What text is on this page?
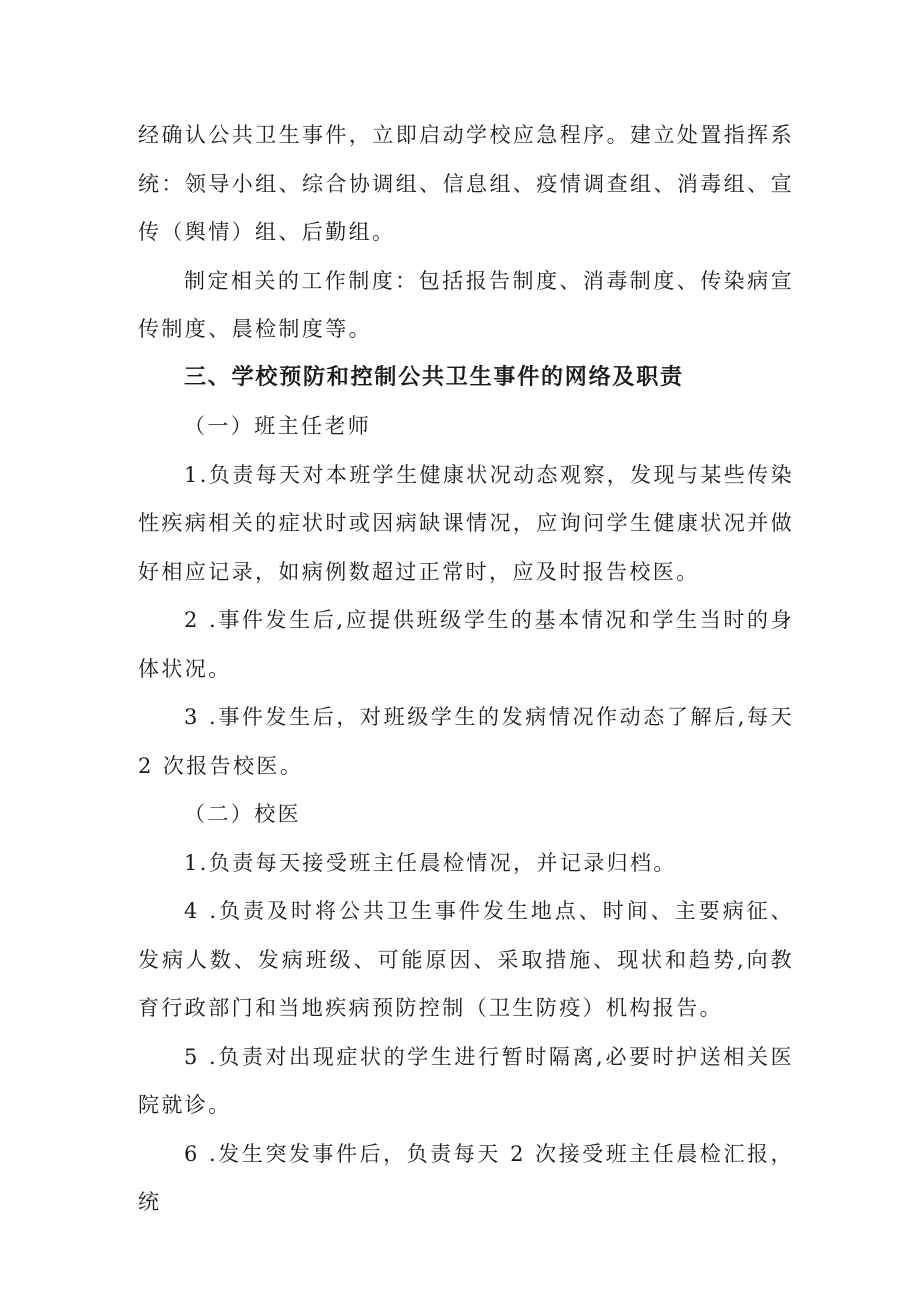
经确认公共卫生事件，立即启动学校应急程序。建立处置指挥系统：领导小组、综合协调组、信息组、疫情调查组、消毒组、宣传（舆情）组、后勤组。

制定相关的工作制度：包括报告制度、消毒制度、传染病宣传制度、晨检制度等。

三、学校预防和控制公共卫生事件的网络及职责

（一）班主任老师

1.负责每天对本班学生健康状况动态观察，发现与某些传染性疾病相关的症状时或因病缺课情况，应询问学生健康状况并做好相应记录，如病例数超过正常时，应及时报告校医。

2 .事件发生后,应提供班级学生的基本情况和学生当时的身体状况。

3 .事件发生后，对班级学生的发病情况作动态了解后,每天2 次报告校医。

（二）校医

1.负责每天接受班主任晨检情况，并记录归档。

4 .负责及时将公共卫生事件发生地点、时间、主要病征、发病人数、发病班级、可能原因、采取措施、现状和趋势,向教育行政部门和当地疾病预防控制（卫生防疫）机构报告。

5 .负责对出现症状的学生进行暂时隔离,必要时护送相关医院就诊。

6 .发生突发事件后，负责每天 2 次接受班主任晨检汇报，统
